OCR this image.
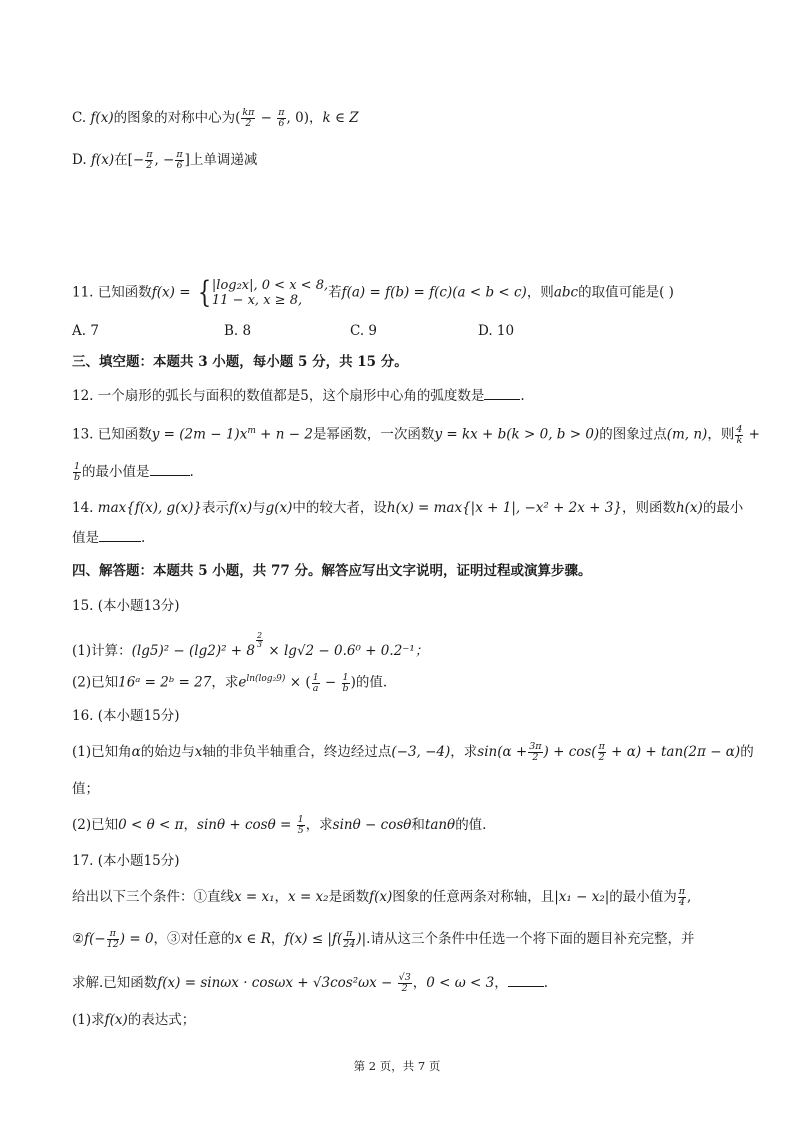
C. f(x)的图象的对称中心为( $\frac{k\pi}{2} - \frac{\pi}{6}$ , 0)，k ∈ Z
D. f(x)在[− $\frac{\pi}{2}$ , − $\frac{\pi}{6}$ ]上单调递减
11. 已知函数f(x) = { |log₂x|, 0 < x < 8,
11 − x, x ≥ 8,	若f(a) = f(b) = f(c)(a < b < c)，则abc的取值可能是( )
A. 7	B. 8	C. 9	D. 10
三、填空题：本题共 3 小题，每小题 5 分，共 15 分。
12. 一个扇形的弧长与面积的数值都是5，这个扇形中心角的弧度数是	.
13. 已知函数$y = (2m - 1)x^m + n - 2$是幂函数，一次函数y = kx + b(k > 0, b > 0)的图象过点(m, n)，则 $\frac{4}{k}$ +
$\frac{1}{b}$ 的最小值是	.
14. max{f(x), g(x)}表示f(x)与g(x)中的较大者，设h(x) = max{|x + 1|, −x² + 2x + 3}，则函数h(x)的最小
值是	.
四、解答题：本题共 5 小题，共 77 分。解答应写出文字说明，证明过程或演算步骤。
15. (本小题13分)
(1)计算：(lg5)² − (lg2)² + 8
$\frac{2}{3}$
× lg√2 − 0.6⁰ + 0.2⁻¹；
(2)已知16ᵃ = 2ᵇ = 27，求$e^{ln(log_29)}$ × ( $\frac{1}{a} - \frac{1}{b}$ )的值.
16. (本小题15分)
(1)已知角α的始边与x轴的非负半轴重合，终边经过点(−3, −4)，求$\sin(\alpha + \frac{3\pi}{2}$ ) + $\cos( \frac{\pi}{2} + \alpha) + \tan(2\pi - \alpha)$的
值；
(2)已知0 < θ < π，$\sin\theta + \cos\theta = \frac{1}{5}$ ，求sinθ − cosθ和tanθ的值.
17. (本小题15分)
给出以下三个条件：①直线x = x₁，x = x₂是函数f(x)图象的任意两条对称轴，且|x₁ − x₂|的最小值为 $\frac{\pi}{4}$ ,
②f(− $\frac{\pi}{12}$ ) = 0，③对任意的x ∈ R，$f(x) \le |f( \frac{\pi}{24}$ )|.请从这三个条件中任选一个将下面的题目补充完整，并
求解.已知函数$f(x) = \sin\omega x \cdot \cos\omega x + √3\cos^2\omega x - \frac{√3}{2}$ ，0 < ω < 3，	.
(1)求f(x)的表达式；
第 2 页，共 7 页
